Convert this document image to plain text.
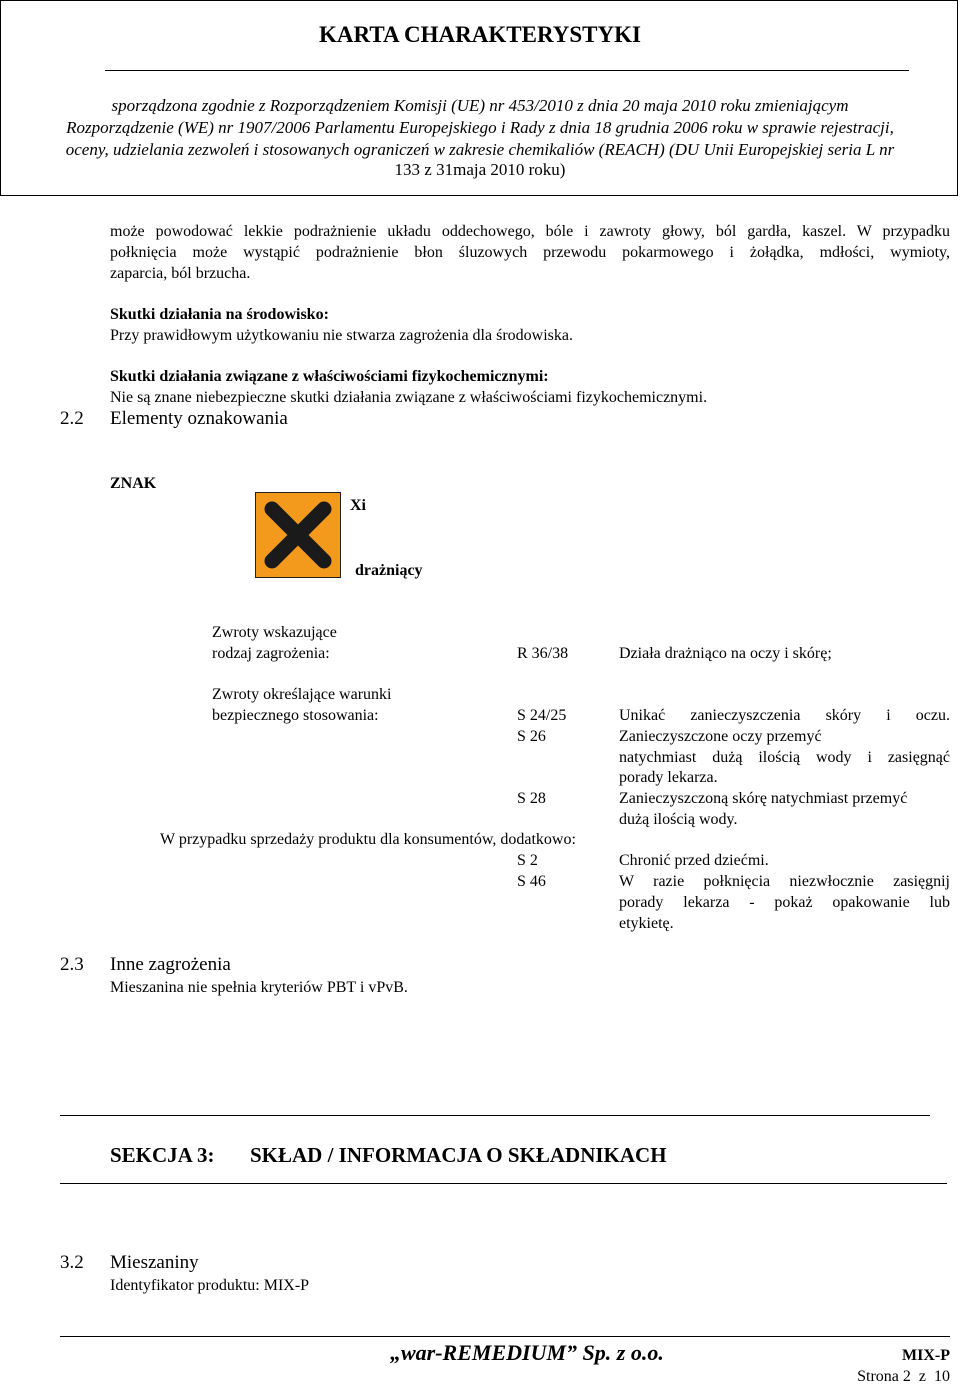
KARTA CHARAKTERYSTYKI
sporządzona zgodnie z Rozporządzeniem Komisji (UE) nr 453/2010 z dnia 20 maja 2010 roku zmieniającym
Rozporządzenie (WE) nr 1907/2006 Parlamentu Europejskiego i Rady z dnia 18 grudnia 2006 roku w sprawie rejestracji,
oceny, udzielania zezwoleń i stosowanych ograniczeń w zakresie chemikaliów (REACH) (DU Unii Europejskiej seria L nr
133 z 31maja 2010 roku)
może powodować lekkie podrażnienie układu oddechowego, bóle i zawroty głowy, ból gardła, kaszel. W przypadku
połknięcia może wystąpić podrażnienie błon śluzowych przewodu pokarmowego i żołądka, mdłości, wymioty,
zaparcia, ból brzucha.
Skutki działania na środowisko:
Przy prawidłowym użytkowaniu nie stwarza zagrożenia dla środowiska.
Skutki działania związane z właściwościami fizykochemicznymi:
Nie są znane niebezpieczne skutki działania związane z właściwościami fizykochemicznymi.
2.2 Elementy oznakowania
ZNAK
Xi
drażniący
Zwroty wskazujące
rodzaj zagrożenia:	R 36/38	Działa drażniąco na oczy i skórę;
Zwroty określające warunki
bezpiecznego stosowania:	S 24/25	Unikać zanieczyszczenia skóry i oczu.
S 26	Zanieczyszczone oczy przemyć
natychmiast dużą ilością wody i zasięgnąć
porady lekarza.
S 28	Zanieczyszczoną skórę natychmiast przemyć
dużą ilością wody.
W przypadku sprzedaży produktu dla konsumentów, dodatkowo:
S 2	Chronić przed dziećmi.
S 46	W razie połknięcia niezwłocznie zasięgnij
porady lekarza - pokaż opakowanie lub
etykietę.
2.3 Inne zagrożenia
Mieszanina nie spełnia kryteriów PBT i vPvB.
SEKCJA 3: SKŁAD / INFORMACJA O SKŁADNIKACH
3.2 Mieszaniny
Identyfikator produktu: MIX-P
„war-REMEDIUM” Sp. z o.o.	MIX-P
Strona 2  z  10
